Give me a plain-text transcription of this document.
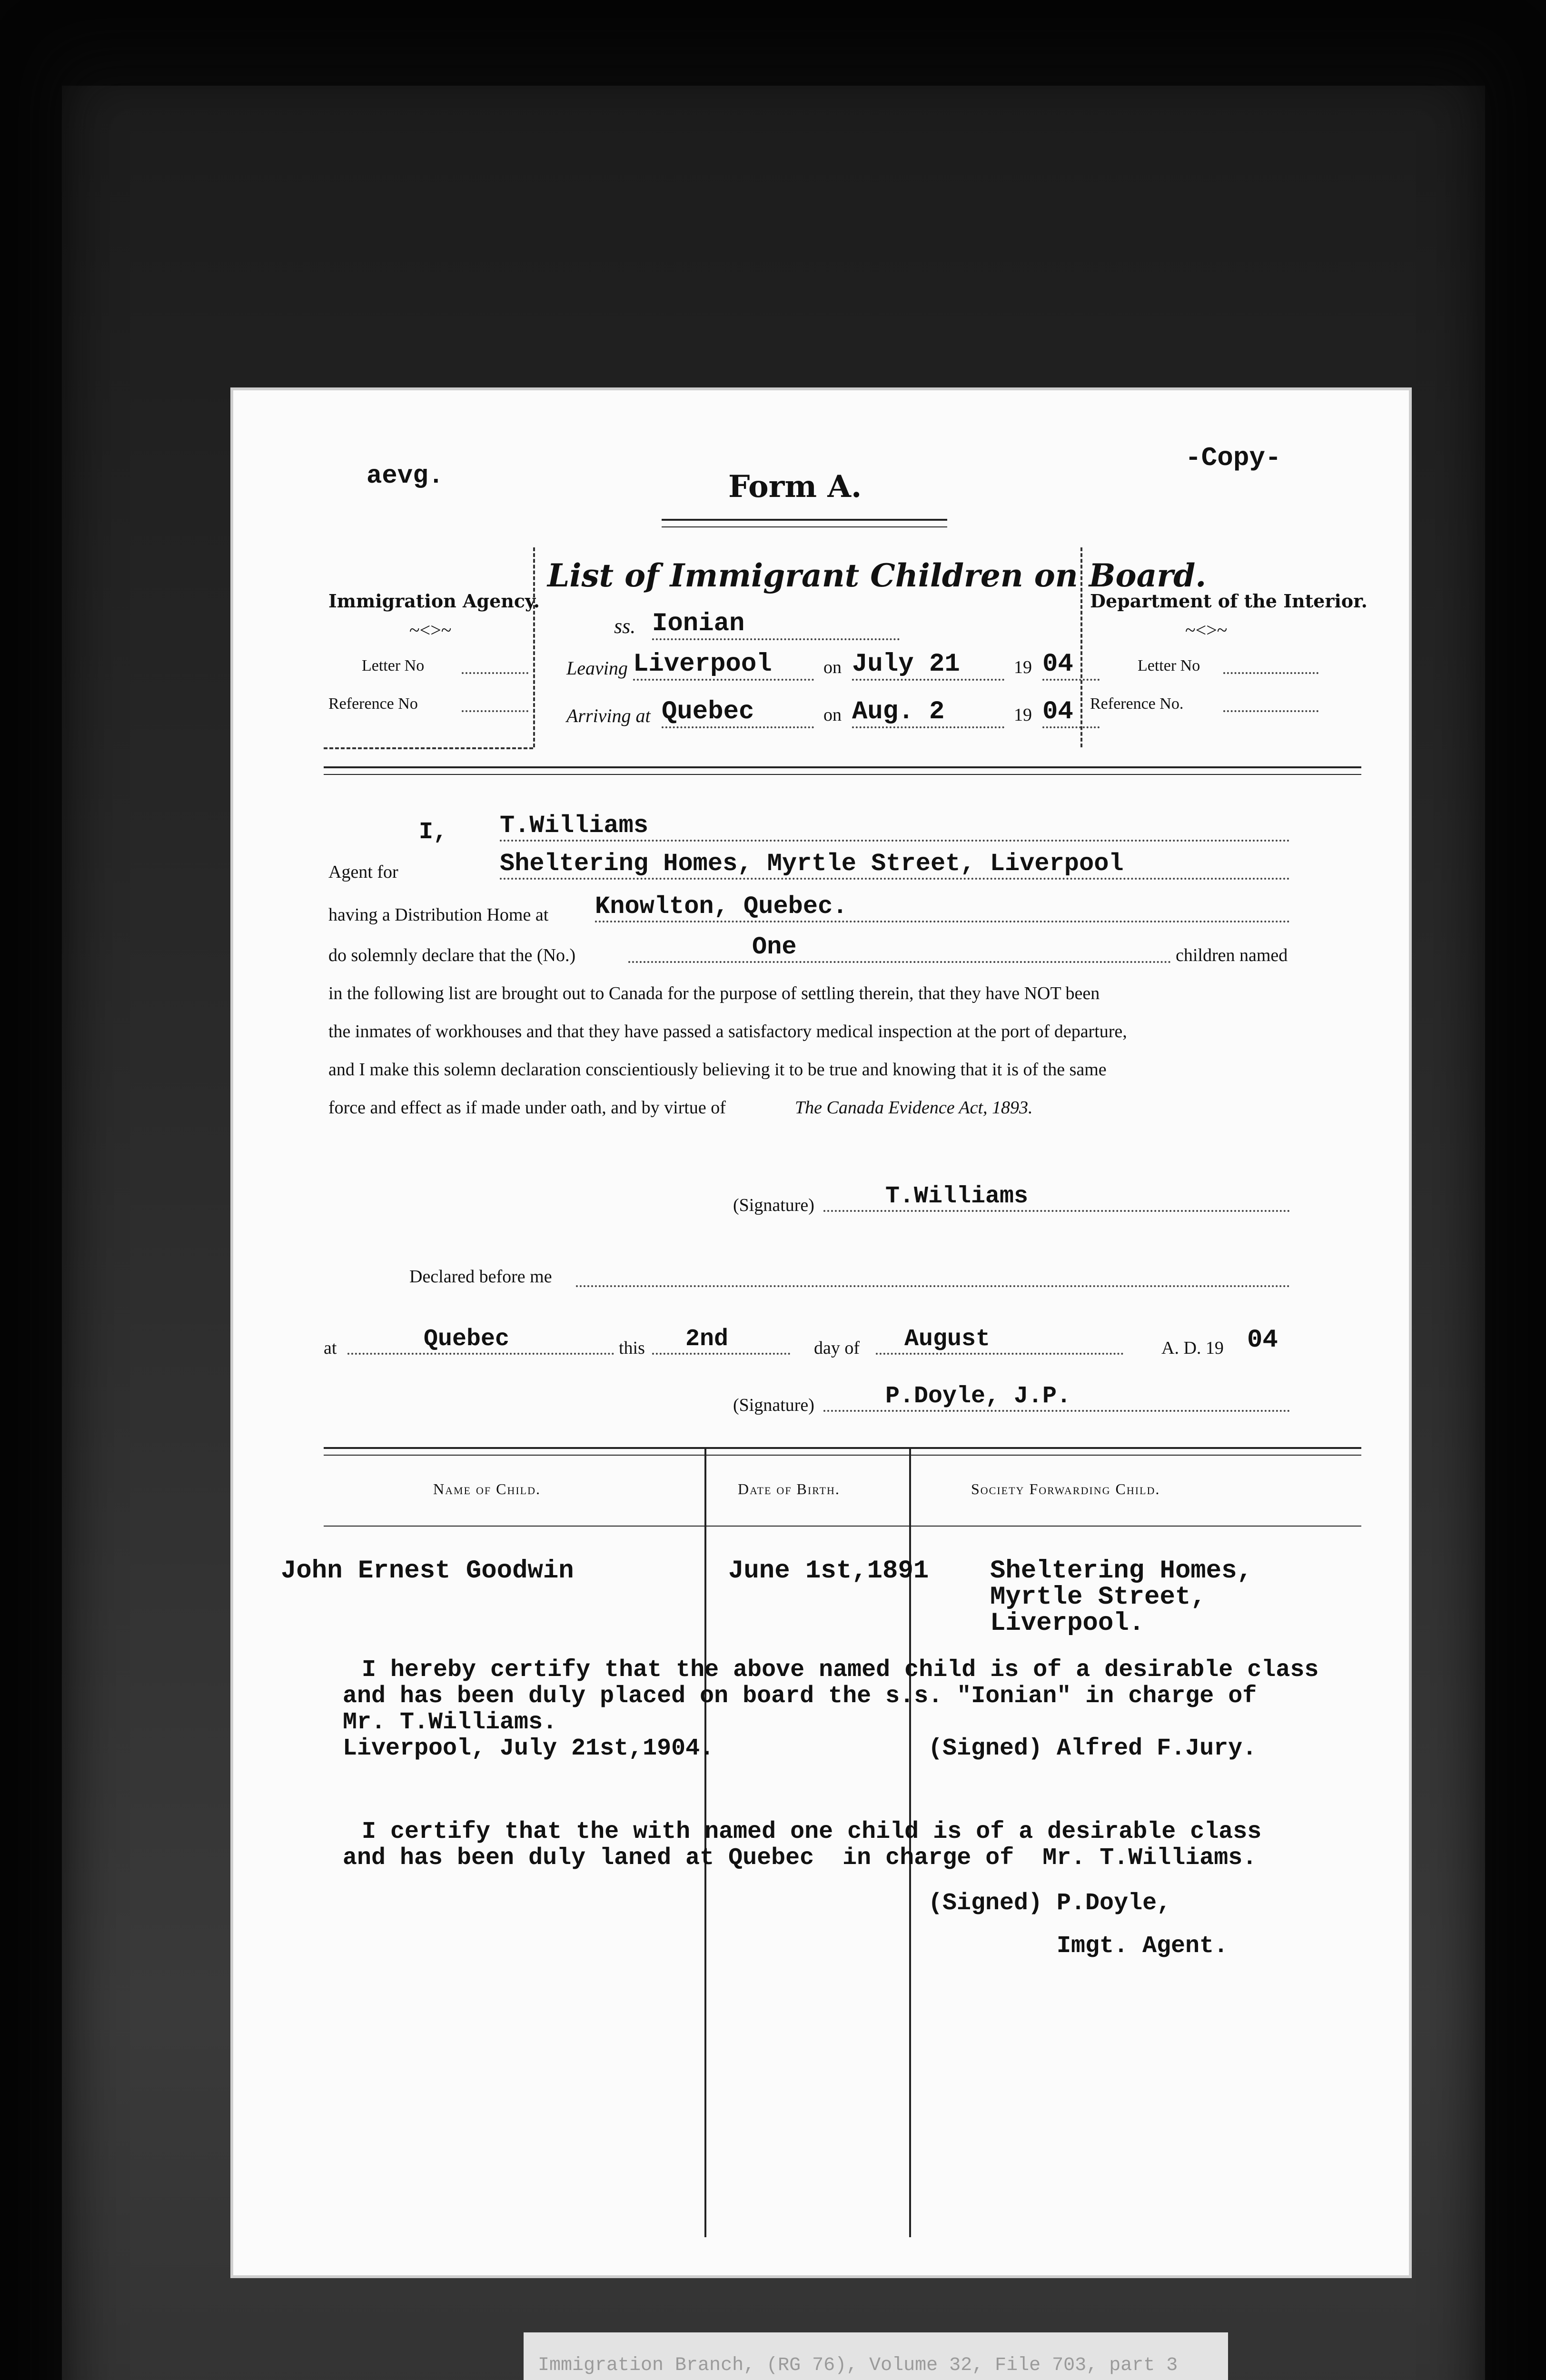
aevg.
-Copy-
Form A.
Immigration Agency.
~<>~
Letter No
Reference No
List of Immigrant Children on Board.
ss. Ionian
Leaving Liverpool	on July 21	19 04
Arriving at Quebec	on Aug. 2	19 04
Department of the Interior.
~<>~
Letter No
Reference No.
I, T.Williams
Agent for	Sheltering Homes, Myrtle Street, Liverpool
having a Distribution Home at Knowlton, Quebec.
do solemnly declare that the (No.)	One	children named
in the following list are brought out to Canada for the purpose of settling therein, that they have NOT been
the inmates of workhouses and that they have passed a satisfactory medical inspection at the port of departure,
and I make this solemn declaration conscientiously believing it to be true and knowing that it is of the same
force and effect as if made under oath, and by virtue of	The Canada Evidence Act, 1893.
(Signature)	T.Williams
Declared before me
at	Quebec	this	2nd	day of	August	A. D. 19 04
(Signature)	P.Doyle, J.P.
Name of Child.	Date of Birth.	Society Forwarding Child.
John Ernest Goodwin	June 1st,1891 Sheltering Homes,
Myrtle Street,
Liverpool.
I hereby certify that the above named child is of a desirable class
and has been duly placed on board the s.s. "Ionian" in charge of
Mr. T.Williams.
Liverpool, July 21st,1904.	(Signed) Alfred F.Jury.
I certify that the with named one child is of a desirable class
and has been duly laned at Quebec  in charge of  Mr. T.Williams.
(Signed) P.Doyle,
Imgt. Agent.
Immigration Branch, (RG 76), Volume 32, File 703, part 3
